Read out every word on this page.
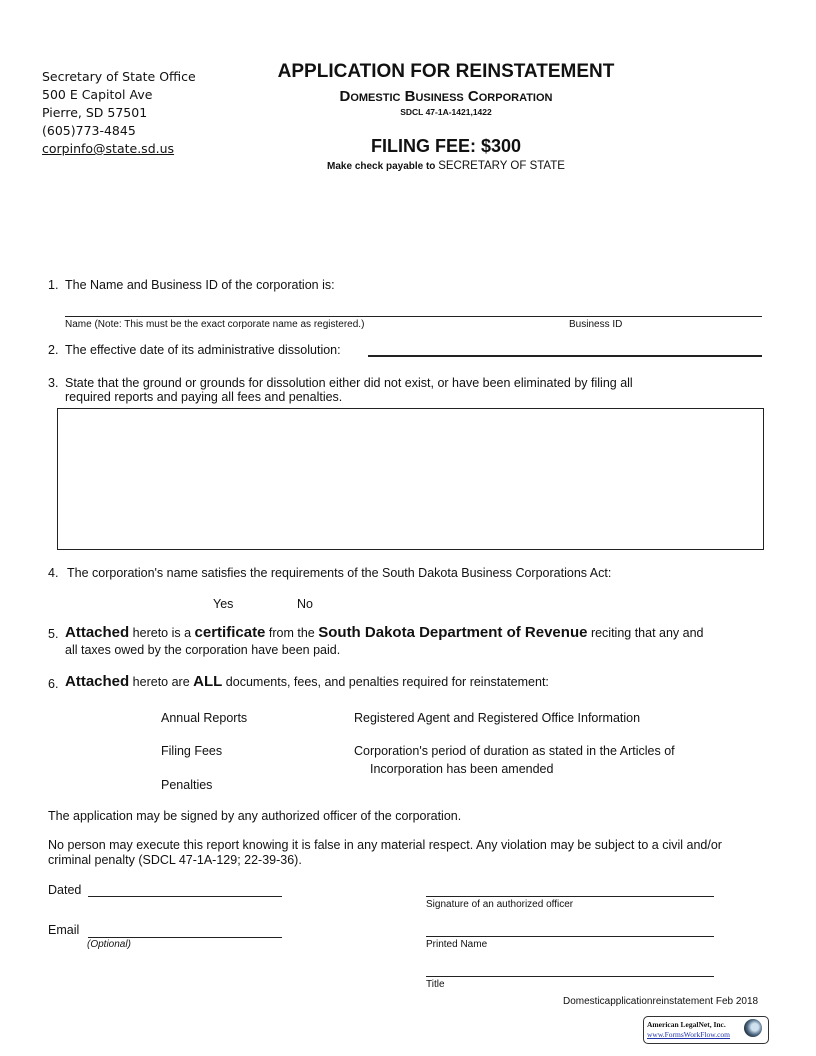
Secretary of State Office
500 E Capitol Ave
Pierre, SD 57501
(605)773-4845
corpinfo@state.sd.us
APPLICATION FOR REINSTATEMENT
Domestic Business Corporation
SDCL 47-1A-1421,1422
FILING FEE: $300
Make check payable to SECRETARY OF STATE
1. The Name and Business ID of the corporation is:
Name (Note: This must be the exact corporate name as registered.)	Business ID
2. The effective date of its administrative dissolution:
3. State that the ground or grounds for dissolution either did not exist, or have been eliminated by filing all
required reports and paying all fees and penalties.
4. The corporation's name satisfies the requirements of the South Dakota Business Corporations Act:
Yes	No
5. Attached hereto is a certificate from the South Dakota Department of Revenue reciting that any and
all taxes owed by the corporation have been paid.
6. Attached hereto are ALL documents, fees, and penalties required for reinstatement:
Annual Reports
Filing Fees
Penalties
Registered Agent and Registered Office Information
Corporation's period of duration as stated in the Articles of
Incorporation has been amended
The application may be signed by any authorized officer of the corporation.
No person may execute this report knowing it is false in any material respect. Any violation may be subject to a civil and/or
criminal penalty (SDCL 47-1A-129; 22-39-36).
Dated
Email
(Optional)
Signature of an authorized officer
Printed Name
Title
Domesticapplicationreinstatement Feb 2018
American LegalNet, Inc.
www.FormsWorkFlow.com
